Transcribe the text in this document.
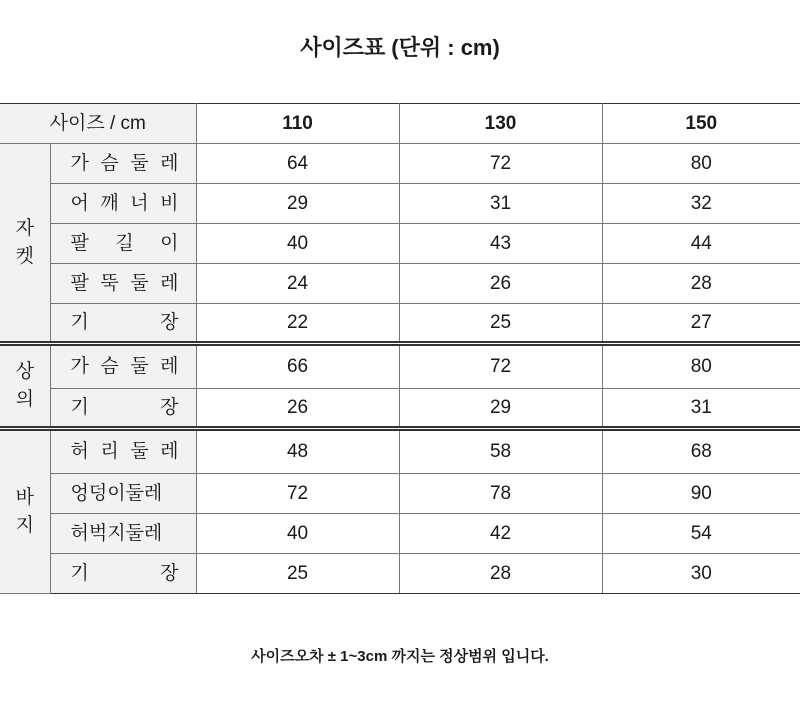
사이즈표 (단위 : cm)
사이즈 / cm		110	130	150
자켓	가 슴 둘 레	64	72	80

	어 깨 너 비	29	31	32

	팔 길 이	40	43	44

	팔 뚝 둘 레	24	26	28

	기 장	22	25	27
상의	가 슴 둘 레	66	72	80

	기 장	26	29	31
바지	허 리 둘 레	48	58	68

	엉덩이둘레	72	78	90

	허벅지둘레	40	42	54

	기 장	25	28	30

사이즈오차 ± 1~3cm 까지는 정상범위 입니다.
